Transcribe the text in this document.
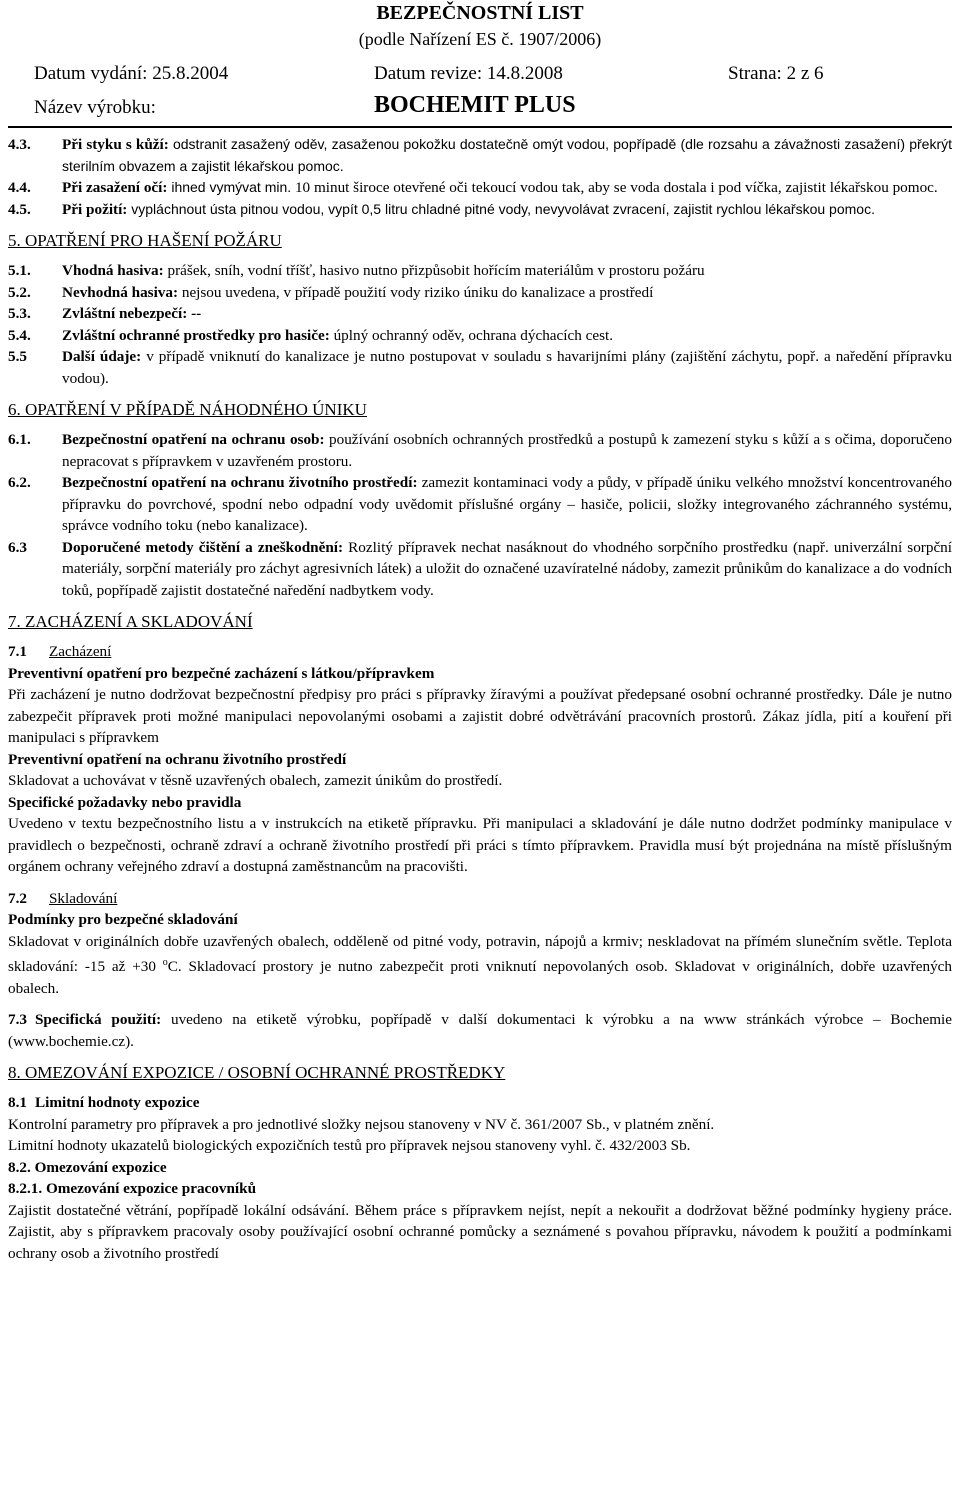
BEZPEČNOSTNÍ LIST
(podle Nařízení ES č. 1907/2006)
Datum vydání: 25.8.2004	Datum revize: 14.8.2008	Strana: 2 z 6
Název výrobku:	BOCHEMIT PLUS
4.3.	Při styku s kůží: odstranit zasažený oděv, zasaženou pokožku dostatečně omýt vodou, popřípadě (dle rozsahu a závažnosti zasažení) překrýt sterilním obvazem a zajistit lékařskou pomoc.
4.4.	Při zasažení očí: ihned vymývat min. 10 minut široce otevřené oči tekoucí vodou tak, aby se voda dostala i pod víčka, zajistit lékařskou pomoc.
4.5.	Při požití: vypláchnout ústa pitnou vodou, vypít 0,5 litru chladné pitné vody, nevyvolávat zvracení, zajistit rychlou lékařskou pomoc.
5. OPATŘENÍ PRO HAŠENÍ POŽÁRU
5.1.	Vhodná hasiva: prášek, sníh, vodní tříšť, hasivo nutno přizpůsobit hořícím materiálům v prostoru požáru
5.2.	Nevhodná hasiva: nejsou uvedena, v případě použití vody riziko úniku do kanalizace a prostředí
5.3.	Zvláštní nebezpečí: --
5.4.	Zvláštní ochranné prostředky pro hasiče: úplný ochranný oděv, ochrana dýchacích cest.
5.5	Další údaje: v případě vniknutí do kanalizace je nutno postupovat v souladu s havarijními plány (zajištění záchytu, popř. a naředění přípravku vodou).
6. OPATŘENÍ V PŘÍPADĚ NÁHODNÉHO ÚNIKU
6.1.	Bezpečnostní opatření na ochranu osob: používání osobních ochranných prostředků a postupů k zamezení styku s kůží a s očima, doporučeno nepracovat s přípravkem v uzavřeném prostoru.
6.2.	Bezpečnostní opatření na ochranu životního prostředí: zamezit kontaminaci vody a půdy, v případě úniku velkého množství koncentrovaného přípravku do povrchové, spodní nebo odpadní vody uvědomit příslušné orgány – hasiče, policii, složky integrovaného záchranného systému, správce vodního toku (nebo kanalizace).
6.3	Doporučené metody čištění a zneškodnění: Rozlitý přípravek nechat nasáknout do vhodného sorpčního prostředku (např. univerzální sorpční materiály, sorpční materiály pro záchyt agresivních látek) a uložit do označené uzavíratelné nádoby, zamezit průnikům do kanalizace a do vodních toků, popřípadě zajistit dostatečné naředění nadbytkem vody.
7. ZACHÁZENÍ A SKLADOVÁNÍ
7.1 Zacházení
Preventivní opatření pro bezpečné zacházení s látkou/přípravkem

Při zacházení je nutno dodržovat bezpečnostní předpisy pro práci s přípravky žíravými a používat předepsané osobní ochranné prostředky. Dále je nutno zabezpečit přípravek proti možné manipulaci nepovolanými osobami a zajistit dobré odvětrávání pracovních prostorů. Zákaz jídla, pití a kouření při manipulaci s přípravkem

Preventivní opatření na ochranu životního prostředí

Skladovat a uchovávat v těsně uzavřených obalech, zamezit únikům do prostředí.

Specifické požadavky nebo pravidla

Uvedeno v textu bezpečnostního listu a v instrukcích na etiketě přípravku. Při manipulaci a skladování je dále nutno dodržet podmínky manipulace v pravidlech o bezpečnosti, ochraně zdraví a ochraně životního prostředí při práci s tímto přípravkem. Pravidla musí být projednána na místě příslušným orgánem ochrany veřejného zdraví a dostupná zaměstnancům na pracovišti.

7.2 Skladování
Podmínky pro bezpečné skladování

Skladovat v originálních dobře uzavřených obalech, odděleně od pitné vody, potravin, nápojů a krmiv; neskladovat na přímém slunečním světle. Teplota skladování: -15 až +30 $^o$C. Skladovací prostory je nutno zabezpečit proti vniknutí nepovolaných osob. Skladovat v originálních, dobře uzavřených obalech.

7.3 Specifická použití: uvedeno na etiketě výrobku, popřípadě v další dokumentaci k výrobku a na www stránkách výrobce – Bochemie (www.bochemie.cz).

8. OMEZOVÁNÍ EXPOZICE / OSOBNÍ OCHRANNÉ PROSTŘEDKY
8.1 Limitní hodnoty expozice

Kontrolní parametry pro přípravek a pro jednotlivé složky nejsou stanoveny v NV č. 361/2007 Sb., v platném znění.

Limitní hodnoty ukazatelů biologických expozičních testů pro přípravek nejsou stanoveny vyhl. č. 432/2003 Sb.

8.2. Omezování expozice
8.2.1. Omezování expozice pracovníků

Zajistit dostatečné větrání, popřípadě lokální odsávání. Během práce s přípravkem nejíst, nepít a nekouřit a dodržovat běžné podmínky hygieny práce. Zajistit, aby s přípravkem pracovaly osoby používající osobní ochranné pomůcky a seznámené s povahou přípravku, návodem k použití a podmínkami ochrany osob a životního prostředí
